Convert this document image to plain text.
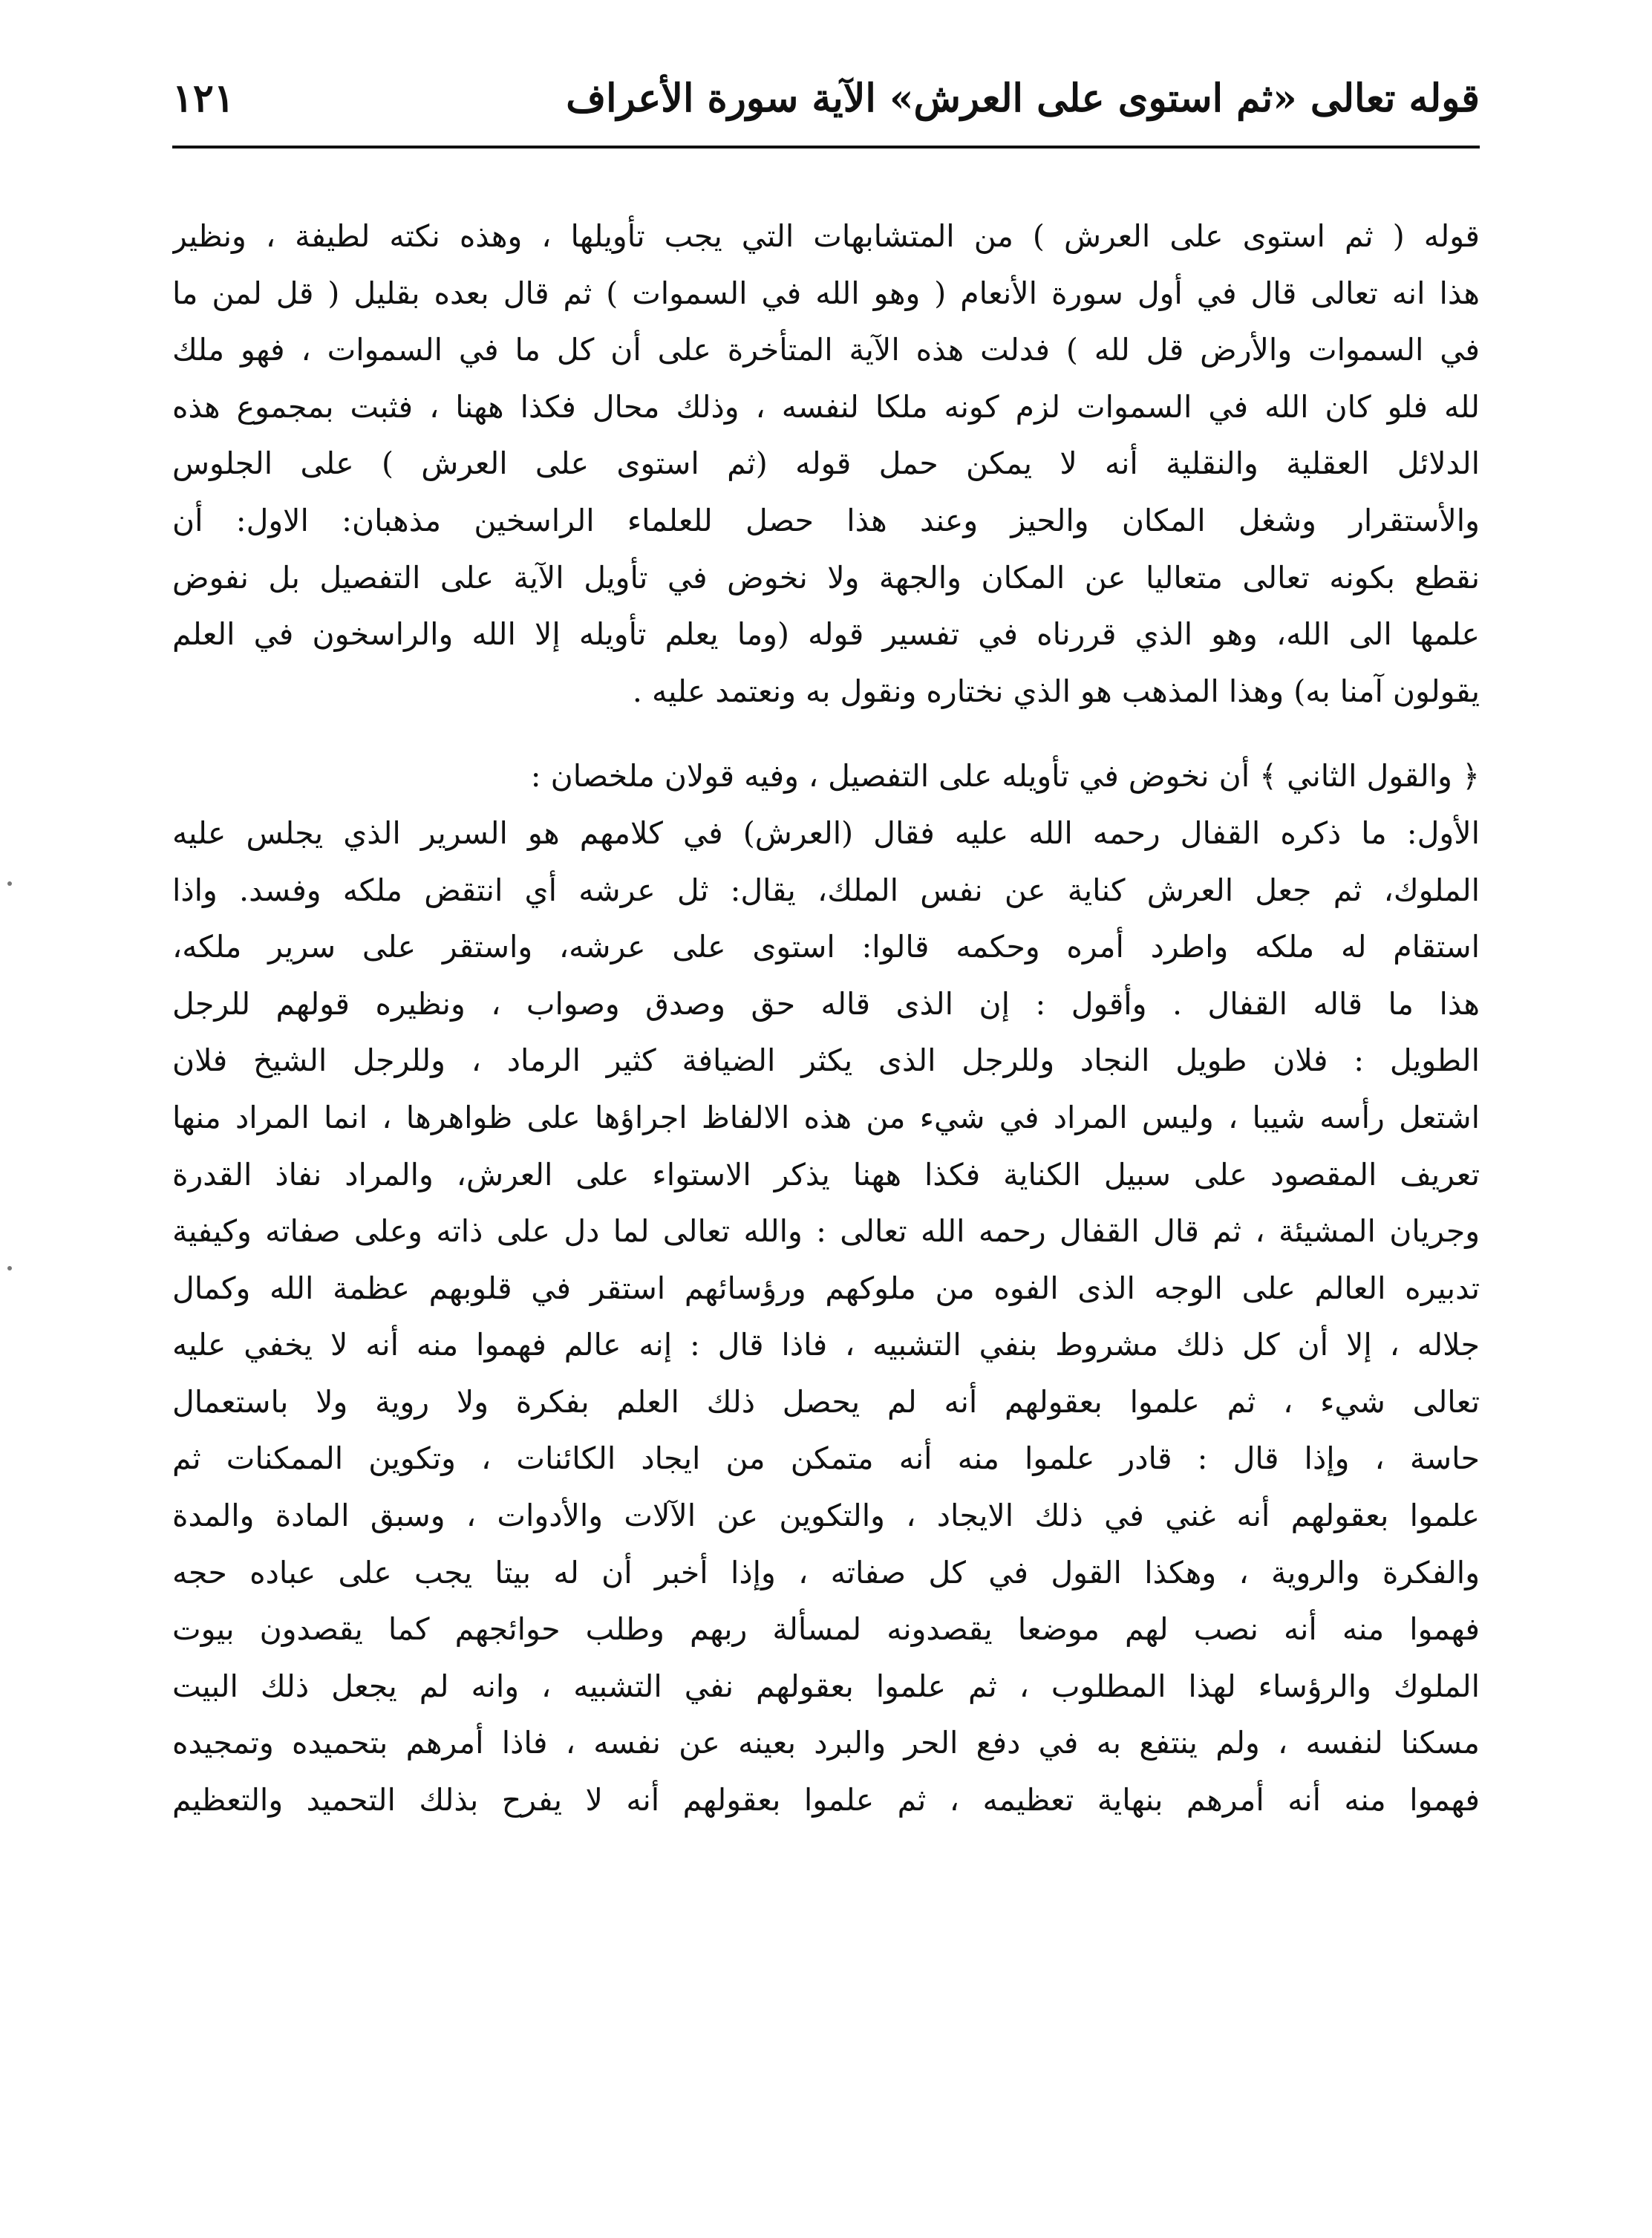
قوله تعالى «ثم استوى على العرش» الآية سورة الأعراف
١٢١
قوله ( ثم استوى على العرش ) من المتشابهات التي يجب تأويلها ، وهذه نكته لطيفة ، ونظير
هذا انه تعالى قال في أول سورة الأنعام ( وهو الله في السموات ) ثم قال بعده بقليل ( قل لمن ما
في السموات والأرض قل لله ) فدلت هذه الآية المتأخرة على أن كل ما في السموات ، فهو ملك
لله فلو كان الله في السموات لزم كونه ملكا لنفسه ، وذلك محال فكذا ههنا ، فثبت بمجموع هذه
الدلائل العقلية والنقلية أنه لا يمكن حمل قوله (ثم استوى على العرش ) على الجلوس
والأستقرار وشغل المكان والحيز وعند هذا حصل للعلماء الراسخين مذهبان: الاول: أن
نقطع بكونه تعالى متعاليا عن المكان والجهة ولا نخوض في تأويل الآية على التفصيل بل نفوض
علمها الى الله، وهو الذي قررناه في تفسير قوله (وما يعلم تأويله إلا الله والراسخون في العلم
يقولون آمنا به) وهذا المذهب هو الذي نختاره ونقول به ونعتمد عليه .
﴿ والقول الثاني ﴾ أن نخوض في تأويله على التفصيل ، وفيه قولان ملخصان :
الأول: ما ذكره القفال رحمه الله عليه فقال (العرش) في كلامهم هو السرير الذي يجلس عليه
الملوك، ثم جعل العرش كناية عن نفس الملك، يقال: ثل عرشه أي انتقض ملكه وفسد. واذا
استقام له ملكه واطرد أمره وحكمه قالوا: استوى على عرشه، واستقر على سرير ملكه،
هذا ما قاله القفال . وأقول : إن الذى قاله حق وصدق وصواب ، ونظيره قولهم للرجل
الطويل : فلان طويل النجاد وللرجل الذى يكثر الضيافة كثير الرماد ، وللرجل الشيخ فلان
اشتعل رأسه شيبا ، وليس المراد في شيء من هذه الالفاظ اجراؤها على ظواهرها ، انما المراد منها
تعريف المقصود على سبيل الكناية فكذا ههنا يذكر الاستواء على العرش، والمراد نفاذ القدرة
وجريان المشيئة ، ثم قال القفال رحمه الله تعالى : والله تعالى لما دل على ذاته وعلى صفاته وكيفية
تدبيره العالم على الوجه الذى الفوه من ملوكهم ورؤسائهم استقر في قلوبهم عظمة الله وكمال
جلاله ، إلا أن كل ذلك مشروط بنفي التشبيه ، فاذا قال : إنه عالم فهموا منه أنه لا يخفي عليه
تعالى شيء ، ثم علموا بعقولهم أنه لم يحصل ذلك العلم بفكرة ولا روية ولا باستعمال
حاسة ، وإذا قال : قادر علموا منه أنه متمكن من ايجاد الكائنات ، وتكوين الممكنات ثم
علموا بعقولهم أنه غني في ذلك الايجاد ، والتكوين عن الآلات والأدوات ، وسبق المادة والمدة
والفكرة والروية ، وهكذا القول في كل صفاته ، وإذا أخبر أن له بيتا يجب على عباده حجه
فهموا منه أنه نصب لهم موضعا يقصدونه لمسألة ربهم وطلب حوائجهم كما يقصدون بيوت
الملوك والرؤساء لهذا المطلوب ، ثم علموا بعقولهم نفي التشبيه ، وانه لم يجعل ذلك البيت
مسكنا لنفسه ، ولم ينتفع به في دفع الحر والبرد بعينه عن نفسه ، فاذا أمرهم بتحميده وتمجيده
فهموا منه أنه أمرهم بنهاية تعظيمه ، ثم علموا بعقولهم أنه لا يفرح بذلك التحميد والتعظيم
